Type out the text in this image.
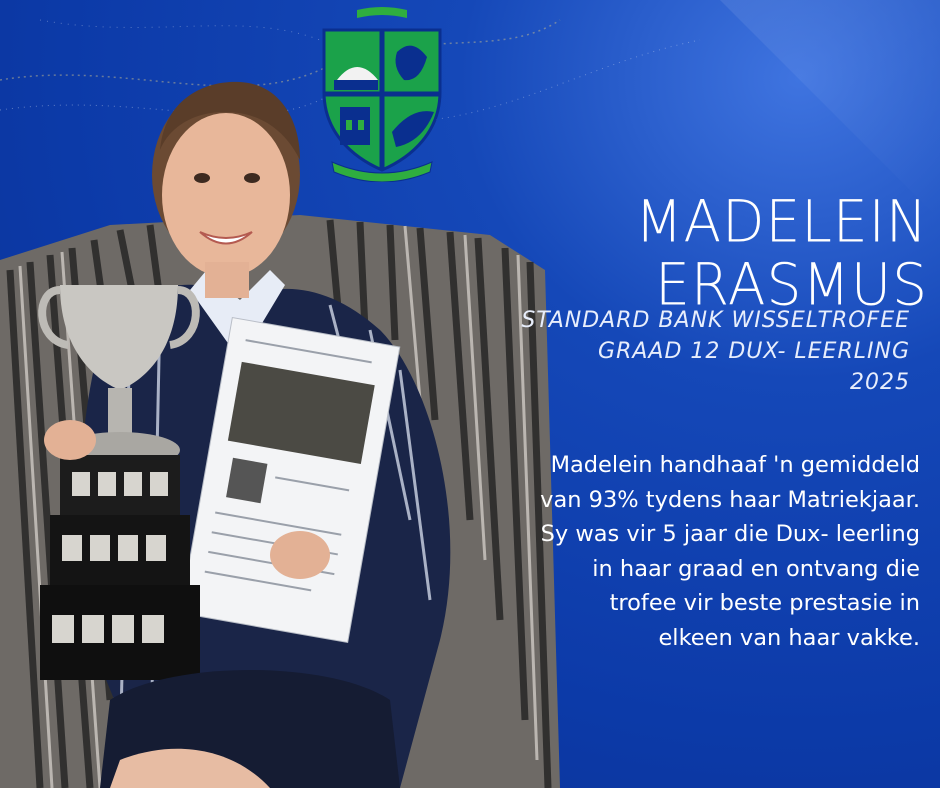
MADELEIN ERASMUS
STANDARD BANK WISSELTROFEE
GRAAD 12 DUX- LEERLING
2025
Madelein handhaaf 'n gemiddeld
van 93% tydens haar Matriekjaar.
Sy was vir 5 jaar die Dux- leerling
in haar graad en ontvang die
trofee vir beste prestasie in
elkeen van haar vakke.
